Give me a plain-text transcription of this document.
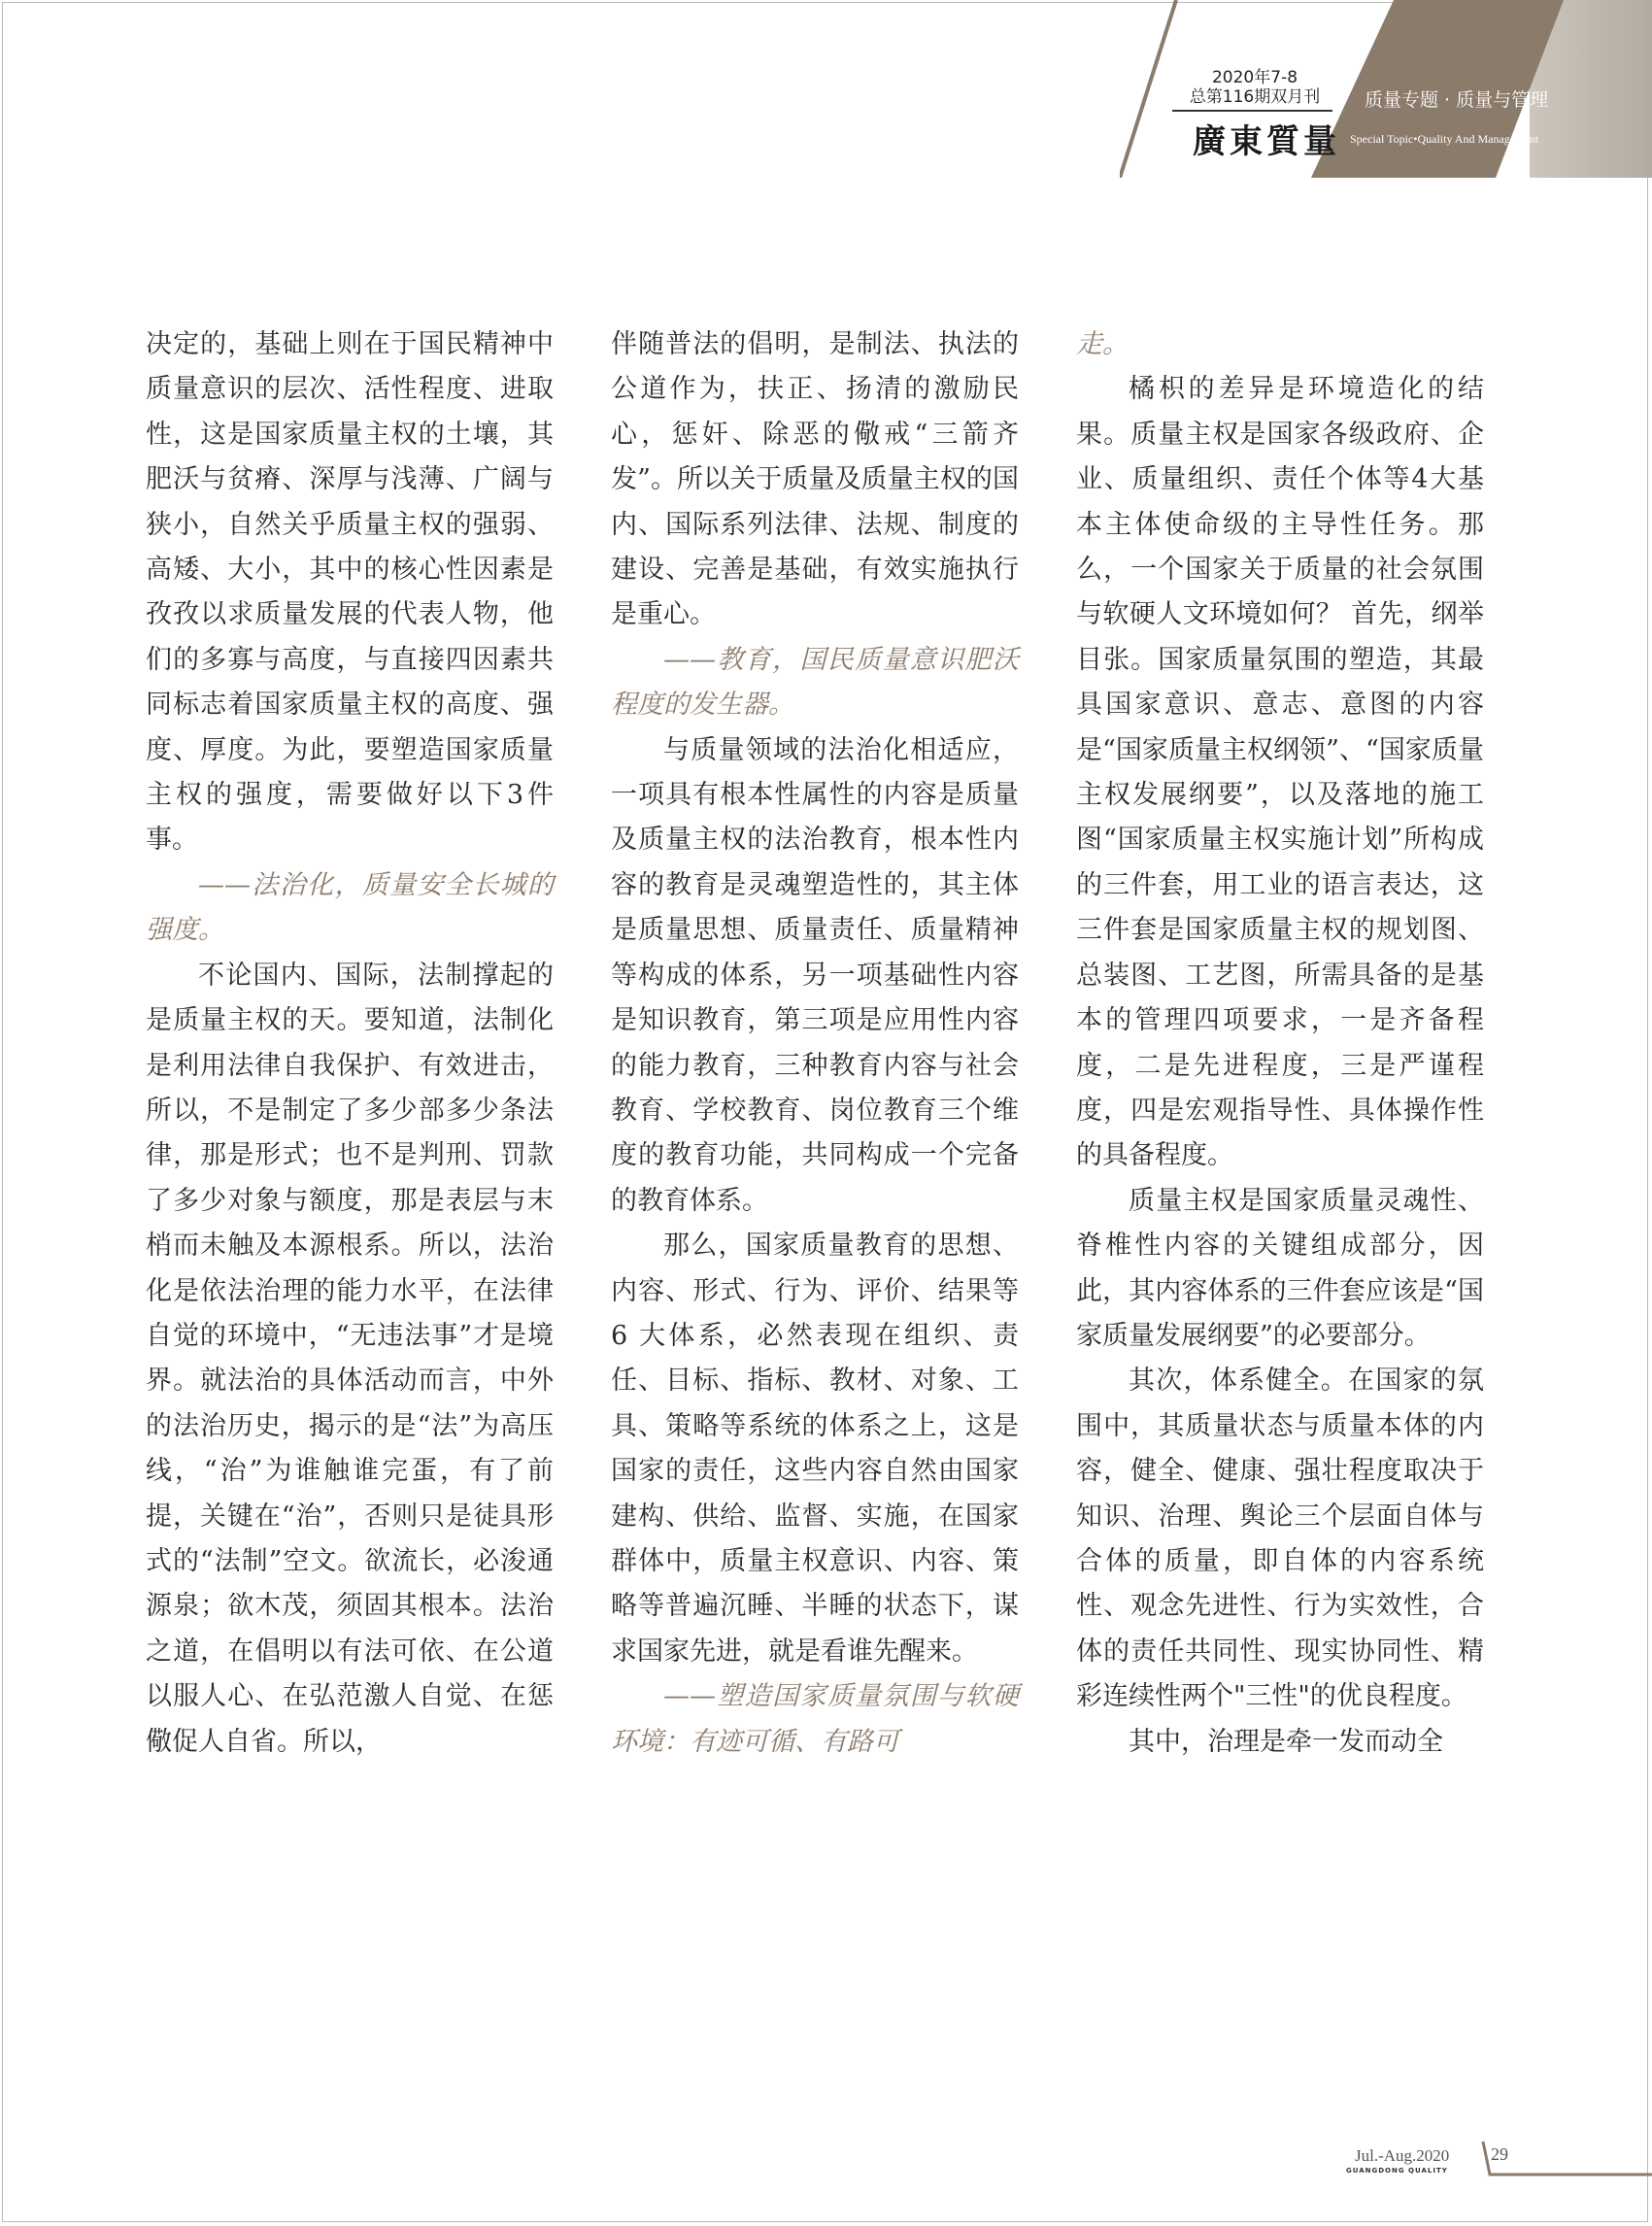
2020年7-8
总第116期双月刊
廣東質量
质量专题 · 质量与管理
Special Topic•Quality And Management

决定的，基础上则在于国民精神中质量意识的层次、活性程度、进取性，这是国家质量主权的土壤，其肥沃与贫瘠、深厚与浅薄、广阔与狭小，自然关乎质量主权的强弱、高矮、大小，其中的核心性因素是孜孜以求质量发展的代表人物，他们的多寡与高度，与直接四因素共同标志着国家质量主权的高度、强度、厚度。为此，要塑造国家质量主权的强度，需要做好以下3件事。

——法治化，质量安全长城的强度。

不论国内、国际，法制撑起的是质量主权的天。要知道，法制化是利用法律自我保护、有效进击，所以，不是制定了多少部多少条法律，那是形式；也不是判刑、罚款了多少对象与额度，那是表层与末梢而未触及本源根系。所以，法治化是依法治理的能力水平，在法律自觉的环境中，“无违法事”才是境界。就法治的具体活动而言，中外的法治历史，揭示的是“法”为高压线，“治”为谁触谁完蛋，有了前提，关键在“治”，否则只是徒具形式的“法制”空文。欲流长，必浚通源泉；欲木茂，须固其根本。法治之道，在倡明以有法可依、在公道以服人心、在弘范激人自觉、在惩儆促人自省。所以，

伴随普法的倡明，是制法、执法的公道作为，扶正、扬清的激励民心，惩奸、除恶的儆戒“三箭齐发”。所以关于质量及质量主权的国内、国际系列法律、法规、制度的建设、完善是基础，有效实施执行是重心。

——教育，国民质量意识肥沃程度的发生器。

与质量领域的法治化相适应，一项具有根本性属性的内容是质量及质量主权的法治教育，根本性内容的教育是灵魂塑造性的，其主体是质量思想、质量责任、质量精神等构成的体系，另一项基础性内容是知识教育，第三项是应用性内容的能力教育，三种教育内容与社会教育、学校教育、岗位教育三个维度的教育功能，共同构成一个完备的教育体系。

那么，国家质量教育的思想、内容、形式、行为、评价、结果等 6 大体系，必然表现在组织、责任、目标、指标、教材、对象、工具、策略等系统的体系之上，这是国家的责任，这些内容自然由国家建构、供给、监督、实施，在国家群体中，质量主权意识、内容、策略等普遍沉睡、半睡的状态下，谋求国家先进，就是看谁先醒来。

——塑造国家质量氛围与软硬环境：有迹可循、有路可

走。

橘枳的差异是环境造化的结果。质量主权是国家各级政府、企业、质量组织、责任个体等4大基本主体使命级的主导性任务。那么，一个国家关于质量的社会氛围与软硬人文环境如何？ 首先，纲举目张。国家质量氛围的塑造，其最具国家意识、意志、意图的内容是“国家质量主权纲领”、“国家质量主权发展纲要”，以及落地的施工图“国家质量主权实施计划”所构成的三件套，用工业的语言表达，这三件套是国家质量主权的规划图、总装图、工艺图，所需具备的是基本的管理四项要求，一是齐备程度，二是先进程度，三是严谨程度，四是宏观指导性、具体操作性的具备程度。

质量主权是国家质量灵魂性、脊椎性内容的关键组成部分，因此，其内容体系的三件套应该是“国家质量发展纲要”的必要部分。

其次，体系健全。在国家的氛围中，其质量状态与质量本体的内容，健全、健康、强壮程度取决于知识、治理、舆论三个层面自体与合体的质量，即自体的内容系统性、观念先进性、行为实效性，合体的责任共同性、现实协同性、精彩连续性两个"三性"的优良程度。

其中，治理是牵一发而动全

Jul.-Aug.2020
GUANGDONG QUALITY
29
